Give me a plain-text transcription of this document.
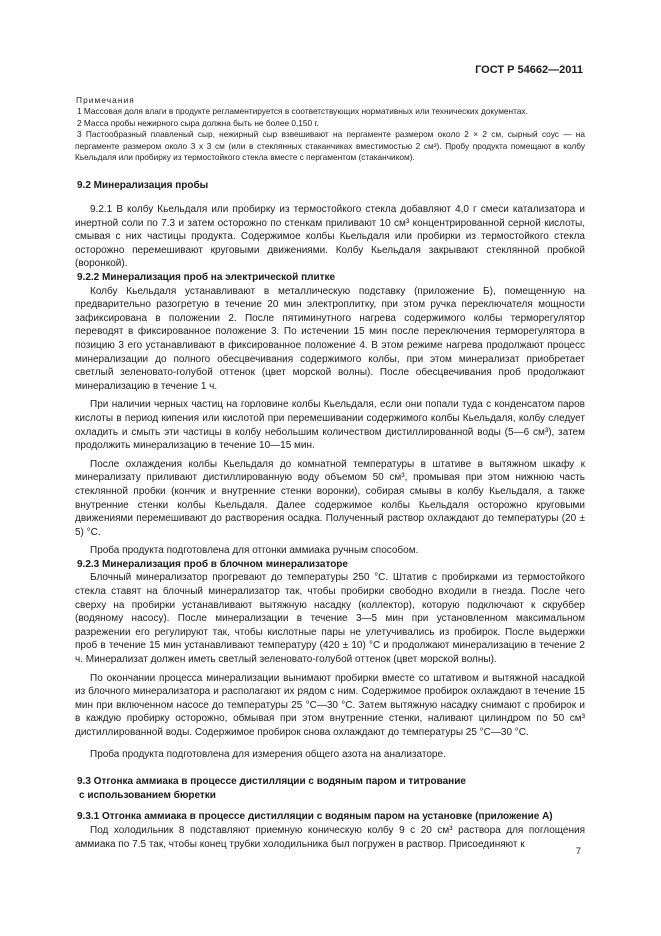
ГОСТ Р 54662—2011
Примечания

1 Массовая доля влаги в продукте регламентируется в соответствующих нормативных или технических документах.

2 Масса пробы нежирного сыра должна быть не более 0,150 г.

3 Пастообразный плавленый сыр, нежирный сыр взвешивают на пергаменте размером около 2 × 2 см, сырный соус — на пергаменте размером около 3 х 3 см (или в стеклянных стаканчиках вместимостью 2 см³). Пробу продукта помещают в колбу Кьельдаля или пробирку из термостойкого стекла вместе с пергаментом (стаканчиком).

9.2 Минерализация пробы

9.2.1 В колбу Кьельдаля или пробирку из термостойкого стекла добавляют 4,0 г смеси катализатора и инертной соли по 7.3 и затем осторожно по стенкам приливают 10 см³ концентрированной серной кислоты, смывая с них частицы продукта. Содержимое колбы Кьельдаля или пробирки из термостойкого стекла осторожно перемешивают круговыми движениями. Колбу Кьельдаля закрывают стеклянной пробкой (воронкой).

9.2.2 Минерализация проб на электрической плитке

Колбу Кьельдаля устанавливают в металлическую подставку (приложение Б), помещенную на предварительно разогретую в течение 20 мин электроплитку, при этом ручка переключателя мощности зафиксирована в положении 2. После пятиминутного нагрева содержимого колбы терморегулятор переводят в фиксированное положение 3. По истечении 15 мин после переключения терморегулятора в позицию 3 его устанавливают в фиксированное положение 4. В этом режиме нагрева продолжают процесс минерализации до полного обесцвечивания содержимого колбы, при этом минерализат приобретает светлый зеленовато-голубой оттенок (цвет морской волны). После обесцвечивания проб продолжают минерализацию в течение 1 ч.

При наличии черных частиц на горловине колбы Кьельдаля, если они попали туда с конденсатом паров кислоты в период кипения или кислотой при перемешивании содержимого колбы Кьельдаля, колбу следует охладить и смыть эти частицы в колбу небольшим количеством дистиллированной воды (5—6 см³), затем продолжить минерализацию в течение 10—15 мин.

После охлаждения колбы Кьельдаля до комнатной температуры в штативе в вытяжном шкафу к минерализату приливают дистиллированную воду объемом 50 см³, промывая при этом нижнюю часть стеклянной пробки (кончик и внутренние стенки воронки), собирая смывы в колбу Кьельдаля, а также внутренние стенки колбы Кьельдаля. Далее содержимое колбы Кьельдаля осторожно круговыми движениями перемешивают до растворения осадка. Полученный раствор охлаждают до температуры (20 ± 5) °С.

Проба продукта подготовлена для отгонки аммиака ручным способом.

9.2.3 Минерализация проб в блочном минерализаторе

Блочный минерализатор прогревают до температуры 250 °С. Штатив с пробирками из термостойкого стекла ставят на блочный минерализатор так, чтобы пробирки свободно входили в гнезда. После чего сверху на пробирки устанавливают вытяжную насадку (коллектор), которую подключают к скруббер (водяному насосу). После минерализации в течение 3—5 мин при установленном максимальном разрежении его регулируют так, чтобы кислотные пары не улетучивались из пробирок. После выдержки проб в течение 15 мин устанавливают температуру (420 ± 10) °С и продолжают минерализацию в течение 2 ч. Минерализат должен иметь светлый зеленовато-голубой оттенок (цвет морской волны).

По окончании процесса минерализации вынимают пробирки вместе со штативом и вытяжной насадкой из блочного минерализатора и располагают их рядом с ним. Содержимое пробирок охлаждают в течение 15 мин при включенном насосе до температуры 25 °С—30 °С. Затем вытяжную насадку снимают с пробирок и в каждую пробирку осторожно, обмывая при этом внутренние стенки, наливают цилиндром по 50 см³ дистиллированной воды. Содержимое пробирок снова охлаждают до температуры 25 °С—30 °С.

Проба продукта подготовлена для измерения общего азота на анализаторе.

9.3 Отгонка аммиака в процессе дистилляции с водяным паром и титрование
с использованием бюретки
9.3.1 Отгонка аммиака в процессе дистилляции с водяным паром на установке (приложение А)

Под холодильник 8 подставляют приемную коническую колбу 9 с 20 см³ раствора для поглощения аммиака по 7.5 так, чтобы конец трубки холодильника был погружен в раствор. Присоединяют к

7
